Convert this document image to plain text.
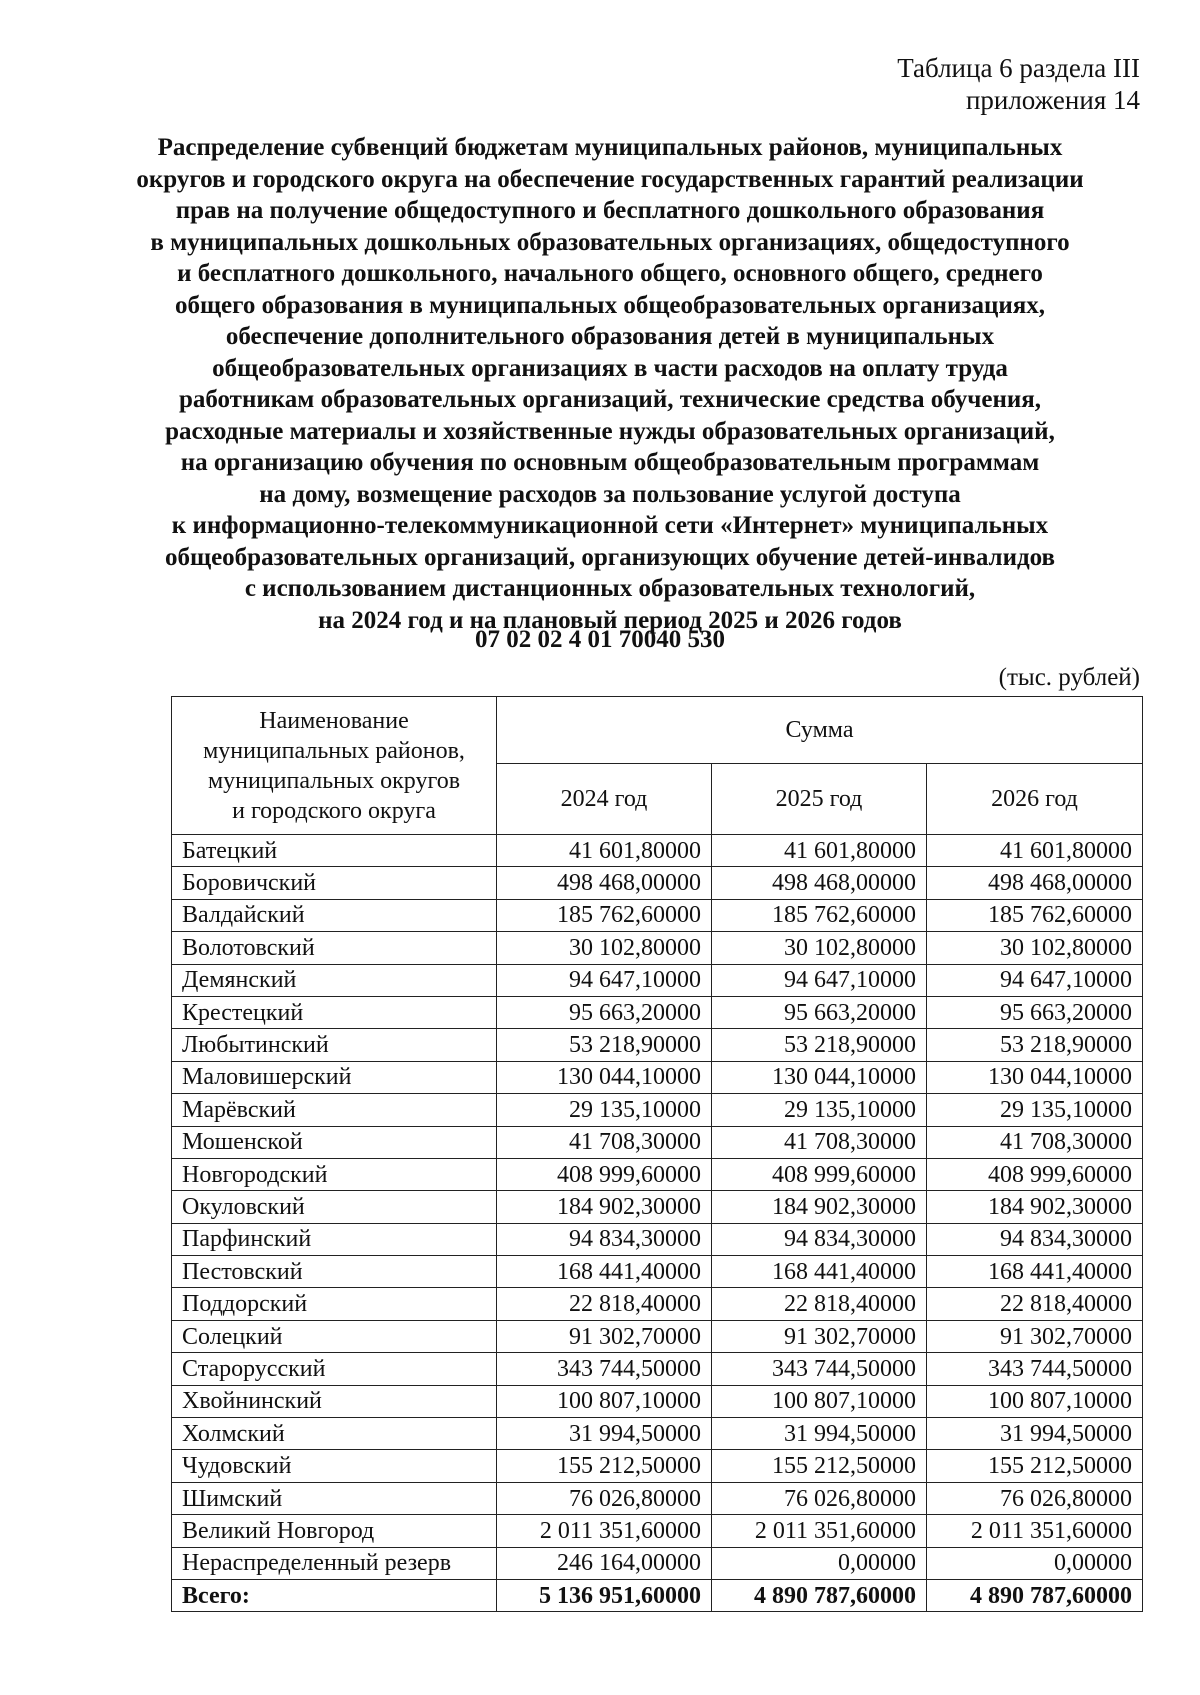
Таблица 6 раздела III
приложения 14
Распределение субвенций бюджетам муниципальных районов, муниципальных
округов и городского округа на обеспечение государственных гарантий реализации
прав на получение общедоступного и бесплатного дошкольного образования
в муниципальных дошкольных образовательных организациях, общедоступного
и бесплатного дошкольного, начального общего, основного общего, среднего
общего образования в муниципальных общеобразовательных организациях,
обеспечение дополнительного образования детей в муниципальных
общеобразовательных организациях в части расходов на оплату труда
работникам образовательных организаций, технические средства обучения,
расходные материалы и хозяйственные нужды образовательных организаций,
на организацию обучения по основным общеобразовательным программам
на дому, возмещение расходов за пользование услугой доступа
к информационно-телекоммуникационной сети «Интернет» муниципальных
общеобразовательных организаций, организующих обучение детей-инвалидов
с использованием дистанционных образовательных технологий,
на 2024 год и на плановый период 2025 и 2026 годов
07 02 02 4 01 70040 530
(тыс. рублей)
Наименование
муниципальных районов,
муниципальных округов
и городского округа	Сумма		
	2024 год	2025 год	2026 год
Батецкий	41 601,80000	41 601,80000	41 601,80000
Боровичский	498 468,00000	498 468,00000	498 468,00000
Валдайский	185 762,60000	185 762,60000	185 762,60000
Волотовский	30 102,80000	30 102,80000	30 102,80000
Демянский	94 647,10000	94 647,10000	94 647,10000
Крестецкий	95 663,20000	95 663,20000	95 663,20000
Любытинский	53 218,90000	53 218,90000	53 218,90000
Маловишерский	130 044,10000	130 044,10000	130 044,10000
Марёвский	29 135,10000	29 135,10000	29 135,10000
Мошенской	41 708,30000	41 708,30000	41 708,30000
Новгородский	408 999,60000	408 999,60000	408 999,60000
Окуловский	184 902,30000	184 902,30000	184 902,30000
Парфинский	94 834,30000	94 834,30000	94 834,30000
Пестовский	168 441,40000	168 441,40000	168 441,40000
Поддорский	22 818,40000	22 818,40000	22 818,40000
Солецкий	91 302,70000	91 302,70000	91 302,70000
Старорусский	343 744,50000	343 744,50000	343 744,50000
Хвойнинский	100 807,10000	100 807,10000	100 807,10000
Холмский	31 994,50000	31 994,50000	31 994,50000
Чудовский	155 212,50000	155 212,50000	155 212,50000
Шимский	76 026,80000	76 026,80000	76 026,80000
Великий Новгород	2 011 351,60000	2 011 351,60000	2 011 351,60000
Нераспределенный резерв	246 164,00000	0,00000	0,00000
Всего:	5 136 951,60000	4 890 787,60000	4 890 787,60000
